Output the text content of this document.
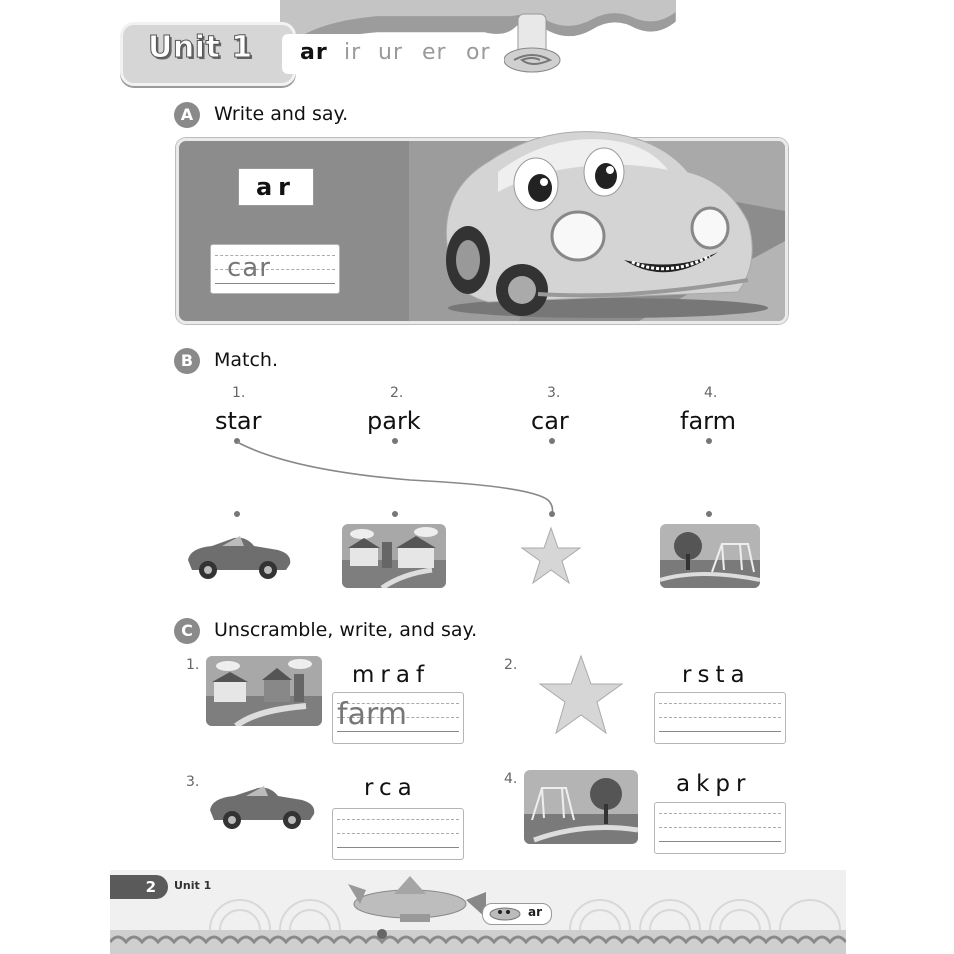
Unit 1 ar ir ur er or
A	Write and say.
ar
car
B	Match.
1.	2.	3.	4.
star	park	car	farm
C	Unscramble, write, and say.
1.	mraf
farm
2.	rsta
3.	rca	4.	akpr
2	Unit 1
ar
